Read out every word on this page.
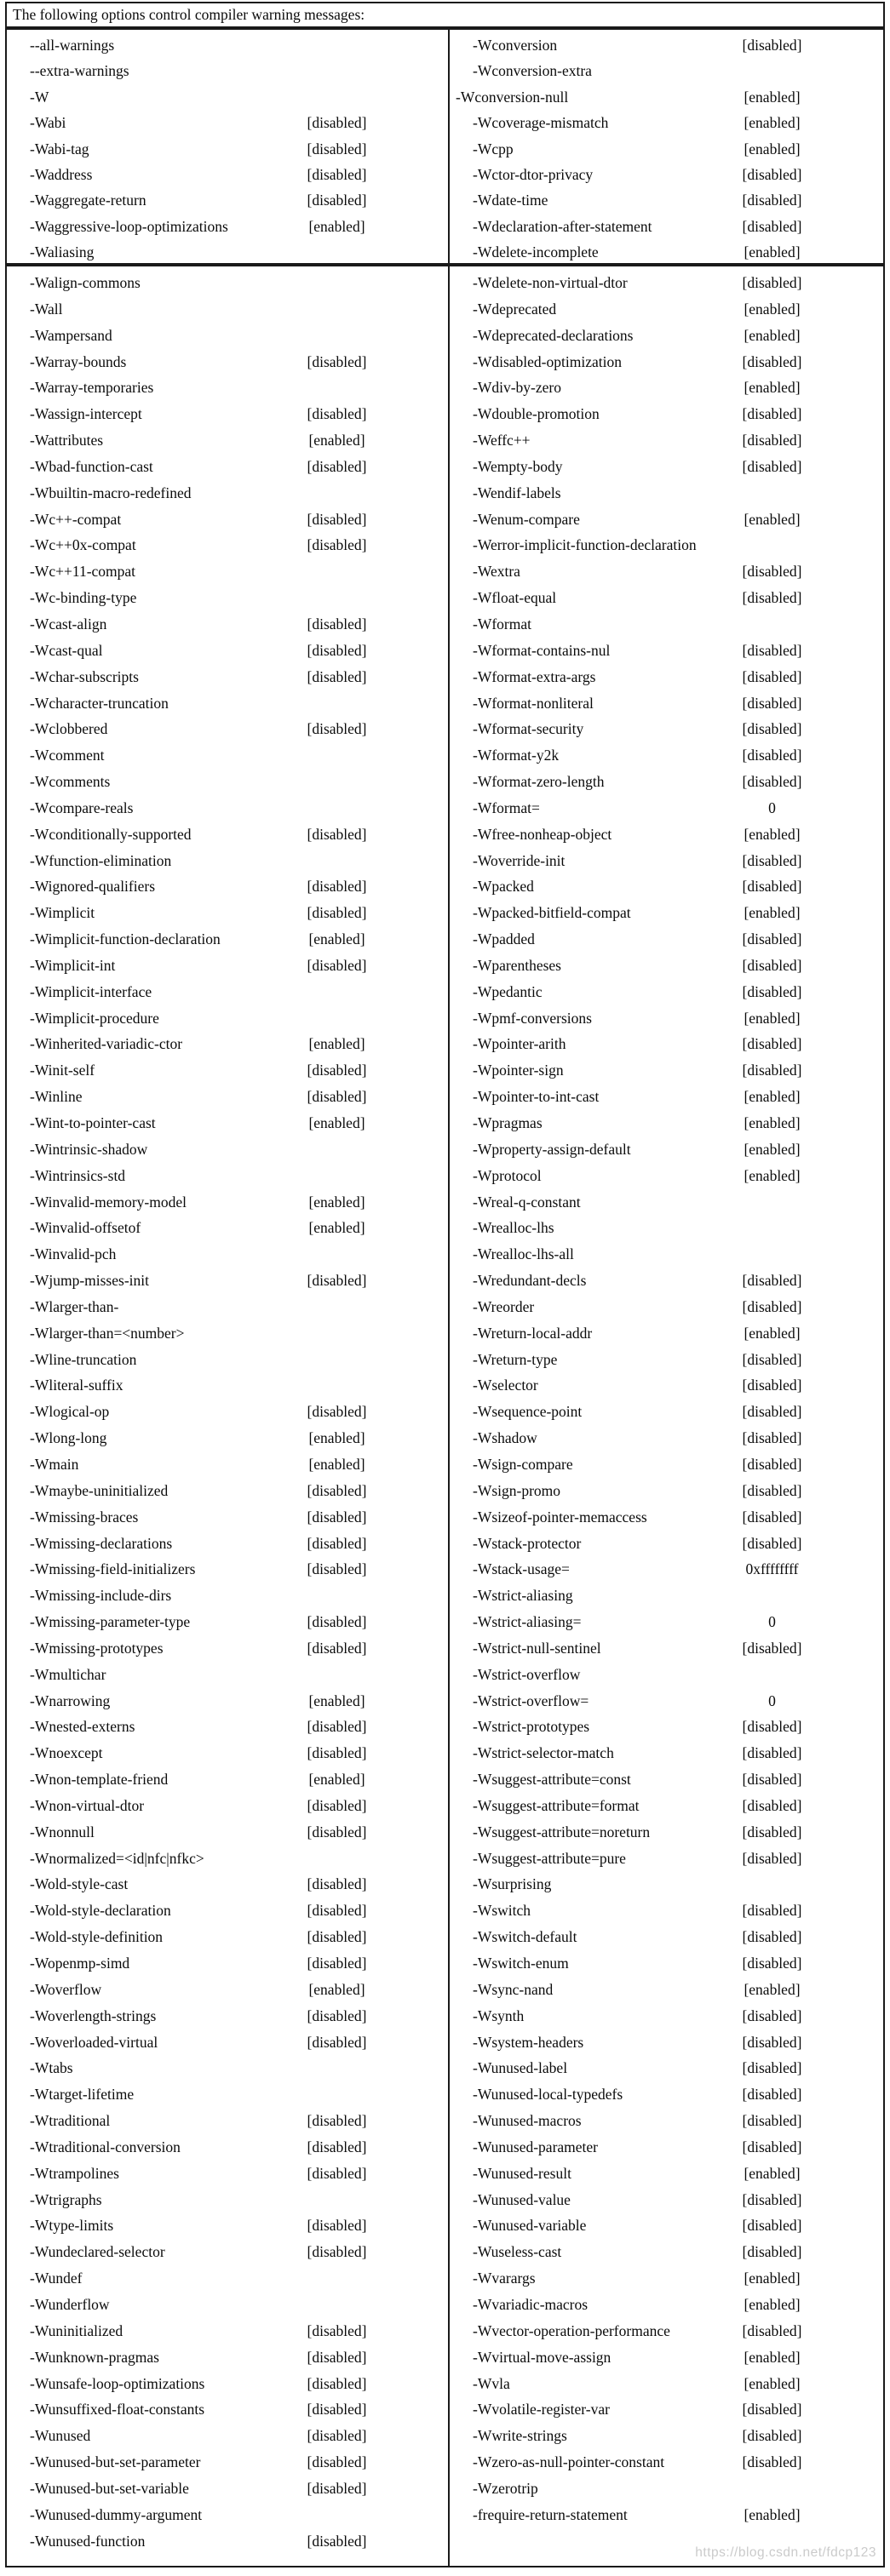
The following options control compiler warning messages:
--all-warnings
--extra-warnings
-W
-Wabi	[disabled]
-Wabi-tag	[disabled]
-Waddress	[disabled]
-Waggregate-return	[disabled]
-Waggressive-loop-optimizations	[enabled]
-Waliasing
-Wconversion	[disabled]
-Wconversion-extra
-Wconversion-null	[enabled]
-Wcoverage-mismatch	[enabled]
-Wcpp	[enabled]
-Wctor-dtor-privacy	[disabled]
-Wdate-time	[disabled]
-Wdeclaration-after-statement	[disabled]
-Wdelete-incomplete	[enabled]
-Walign-commons
-Wall
-Wampersand
-Warray-bounds	[disabled]
-Warray-temporaries
-Wassign-intercept	[disabled]
-Wattributes	[enabled]
-Wbad-function-cast	[disabled]
-Wbuiltin-macro-redefined
-Wc++-compat	[disabled]
-Wc++0x-compat	[disabled]
-Wc++11-compat
-Wc-binding-type
-Wcast-align	[disabled]
-Wcast-qual	[disabled]
-Wchar-subscripts	[disabled]
-Wcharacter-truncation
-Wclobbered	[disabled]
-Wcomment
-Wcomments
-Wcompare-reals
-Wconditionally-supported	[disabled]
-Wfunction-elimination
-Wignored-qualifiers	[disabled]
-Wimplicit	[disabled]
-Wimplicit-function-declaration	[enabled]
-Wimplicit-int	[disabled]
-Wimplicit-interface
-Wimplicit-procedure
-Winherited-variadic-ctor	[enabled]
-Winit-self	[disabled]
-Winline	[disabled]
-Wint-to-pointer-cast	[enabled]
-Wintrinsic-shadow
-Wintrinsics-std
-Winvalid-memory-model	[enabled]
-Winvalid-offsetof	[enabled]
-Winvalid-pch
-Wjump-misses-init	[disabled]
-Wlarger-than-
-Wlarger-than=<number>
-Wline-truncation
-Wliteral-suffix
-Wlogical-op	[disabled]
-Wlong-long	[enabled]
-Wmain	[enabled]
-Wmaybe-uninitialized	[disabled]
-Wmissing-braces	[disabled]
-Wmissing-declarations	[disabled]
-Wmissing-field-initializers	[disabled]
-Wmissing-include-dirs
-Wmissing-parameter-type	[disabled]
-Wmissing-prototypes	[disabled]
-Wmultichar
-Wnarrowing	[enabled]
-Wnested-externs	[disabled]
-Wnoexcept	[disabled]
-Wnon-template-friend	[enabled]
-Wnon-virtual-dtor	[disabled]
-Wnonnull	[disabled]
-Wnormalized=<id|nfc|nfkc>
-Wold-style-cast	[disabled]
-Wold-style-declaration	[disabled]
-Wold-style-definition	[disabled]
-Wopenmp-simd	[disabled]
-Woverflow	[enabled]
-Woverlength-strings	[disabled]
-Woverloaded-virtual	[disabled]
-Wtabs
-Wtarget-lifetime
-Wtraditional	[disabled]
-Wtraditional-conversion	[disabled]
-Wtrampolines	[disabled]
-Wtrigraphs
-Wtype-limits	[disabled]
-Wundeclared-selector	[disabled]
-Wundef
-Wunderflow
-Wuninitialized	[disabled]
-Wunknown-pragmas	[disabled]
-Wunsafe-loop-optimizations	[disabled]
-Wunsuffixed-float-constants	[disabled]
-Wunused	[disabled]
-Wunused-but-set-parameter	[disabled]
-Wunused-but-set-variable	[disabled]
-Wunused-dummy-argument
-Wunused-function	[disabled]
-Wdelete-non-virtual-dtor	[disabled]
-Wdeprecated	[enabled]
-Wdeprecated-declarations	[enabled]
-Wdisabled-optimization	[disabled]
-Wdiv-by-zero	[enabled]
-Wdouble-promotion	[disabled]
-Weffc++	[disabled]
-Wempty-body	[disabled]
-Wendif-labels
-Wenum-compare	[enabled]
-Werror-implicit-function-declaration
-Wextra	[disabled]
-Wfloat-equal	[disabled]
-Wformat
-Wformat-contains-nul	[disabled]
-Wformat-extra-args	[disabled]
-Wformat-nonliteral	[disabled]
-Wformat-security	[disabled]
-Wformat-y2k	[disabled]
-Wformat-zero-length	[disabled]
-Wformat=	0
-Wfree-nonheap-object	[enabled]
-Woverride-init	[disabled]
-Wpacked	[disabled]
-Wpacked-bitfield-compat	[enabled]
-Wpadded	[disabled]
-Wparentheses	[disabled]
-Wpedantic	[disabled]
-Wpmf-conversions	[enabled]
-Wpointer-arith	[disabled]
-Wpointer-sign	[disabled]
-Wpointer-to-int-cast	[enabled]
-Wpragmas	[enabled]
-Wproperty-assign-default	[enabled]
-Wprotocol	[enabled]
-Wreal-q-constant
-Wrealloc-lhs
-Wrealloc-lhs-all
-Wredundant-decls	[disabled]
-Wreorder	[disabled]
-Wreturn-local-addr	[enabled]
-Wreturn-type	[disabled]
-Wselector	[disabled]
-Wsequence-point	[disabled]
-Wshadow	[disabled]
-Wsign-compare	[disabled]
-Wsign-promo	[disabled]
-Wsizeof-pointer-memaccess	[disabled]
-Wstack-protector	[disabled]
-Wstack-usage=	0xffffffff
-Wstrict-aliasing
-Wstrict-aliasing=	0
-Wstrict-null-sentinel	[disabled]
-Wstrict-overflow
-Wstrict-overflow=	0
-Wstrict-prototypes	[disabled]
-Wstrict-selector-match	[disabled]
-Wsuggest-attribute=const	[disabled]
-Wsuggest-attribute=format	[disabled]
-Wsuggest-attribute=noreturn	[disabled]
-Wsuggest-attribute=pure	[disabled]
-Wsurprising
-Wswitch	[disabled]
-Wswitch-default	[disabled]
-Wswitch-enum	[disabled]
-Wsync-nand	[enabled]
-Wsynth	[disabled]
-Wsystem-headers	[disabled]
-Wunused-label	[disabled]
-Wunused-local-typedefs	[disabled]
-Wunused-macros	[disabled]
-Wunused-parameter	[disabled]
-Wunused-result	[enabled]
-Wunused-value	[disabled]
-Wunused-variable	[disabled]
-Wuseless-cast	[disabled]
-Wvarargs	[enabled]
-Wvariadic-macros	[enabled]
-Wvector-operation-performance	[disabled]
-Wvirtual-move-assign	[enabled]
-Wvla	[enabled]
-Wvolatile-register-var	[disabled]
-Wwrite-strings	[disabled]
-Wzero-as-null-pointer-constant	[disabled]
-Wzerotrip
-frequire-return-statement	[enabled]
https://blog.csdn.net/fdcp123
